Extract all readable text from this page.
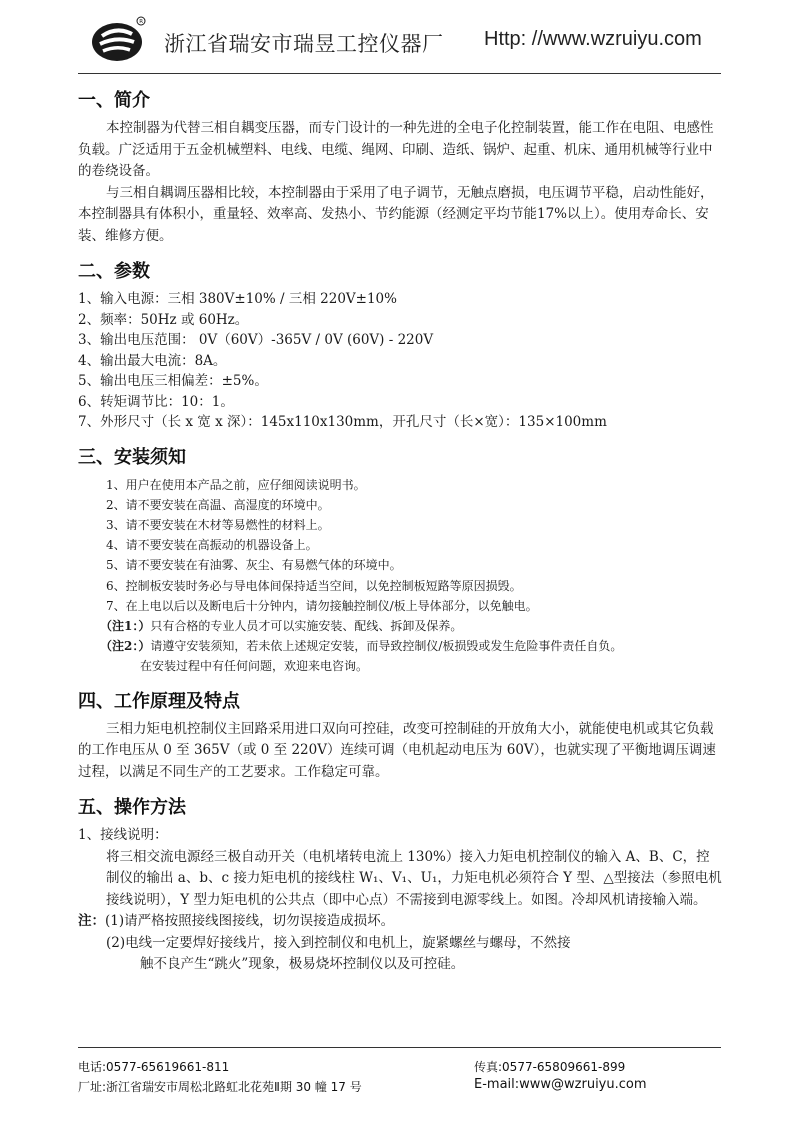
R
浙江省瑞安市瑞昱工控仪器厂 Http: //www.wzruiyu.com
一、简介

本控制器为代替三相自耦变压器，而专门设计的一种先进的全电子化控制装置，能工作在电阻、电感性负载。广泛适用于五金机械塑料、电线、电缆、绳网、印刷、造纸、锅炉、起重、机床、通用机械等行业中的卷绕设备。

与三相自耦调压器相比较，本控制器由于采用了电子调节，无触点磨损，电压调节平稳，启动性能好，本控制器具有体积小，重量轻、效率高、发热小、节约能源（经测定平均节能17%以上）。使用寿命长、安装、维修方便。

二、参数

1、输入电源：三相 380V±10% / 三相 220V±10%

2、频率：50Hz 或 60Hz。

3、输出电压范围： 0V（60V）-365V / 0V (60V) - 220V

4、输出最大电流：8A。

5、输出电压三相偏差：±5%。

6、转矩调节比：10：1。

7、外形尺寸（长 x 宽 x 深）：145x110x130mm，开孔尺寸（长×宽）：135×100mm

三、安装须知

1、用户在使用本产品之前，应仔细阅读说明书。

2、请不要安装在高温、高湿度的环境中。

3、请不要安装在木材等易燃性的材料上。

4、请不要安装在高振动的机器设备上。

5、请不要安装在有油雾、灰尘、有易燃气体的环境中。

6、控制板安装时务必与导电体间保持适当空间，以免控制板短路等原因损毁。

7、在上电以后以及断电后十分钟内，请勿接触控制仪/板上导体部分，以免触电。

（注1：）只有合格的专业人员才可以实施安装、配线、拆卸及保养。

（注2：）请遵守安装须知，若未依上述规定安装，而导致控制仪/板损毁或发生危险事件责任自负。

在安装过程中有任何问题，欢迎来电咨询。

四、工作原理及特点

三相力矩电机控制仪主回路采用进口双向可控硅，改变可控制硅的开放角大小，就能使电机或其它负载的工作电压从 0 至 365V（或 0 至 220V）连续可调（电机起动电压为 60V），也就实现了平衡地调压调速过程，以满足不同生产的工艺要求。工作稳定可靠。

五、操作方法

1、接线说明：

将三相交流电源经三极自动开关（电机堵转电流上 130%）接入力矩电机控制仪的输入 A、B、C，控制仪的输出 a、b、c 接力矩电机的接线柱 W₁、V₁、U₁，力矩电机必须符合 Y 型、△型接法（参照电机接线说明），Y 型力矩电机的公共点（即中心点）不需接到电源零线上。如图。冷却风机请接输入端。

注：(1)请严格按照接线图接线，切勿误接造成损坏。

(2)电线一定要焊好接线片，接入到控制仪和电机上，旋紧螺丝与螺母，不然接

触不良产生“跳火”现象，极易烧坏控制仪以及可控硅。

电话:0577-65619661-811	传真:0577-65809661-899
厂址:浙江省瑞安市周松北路虹北花苑Ⅱ期 30 幢 17 号	E-mail:www@wzruiyu.com
